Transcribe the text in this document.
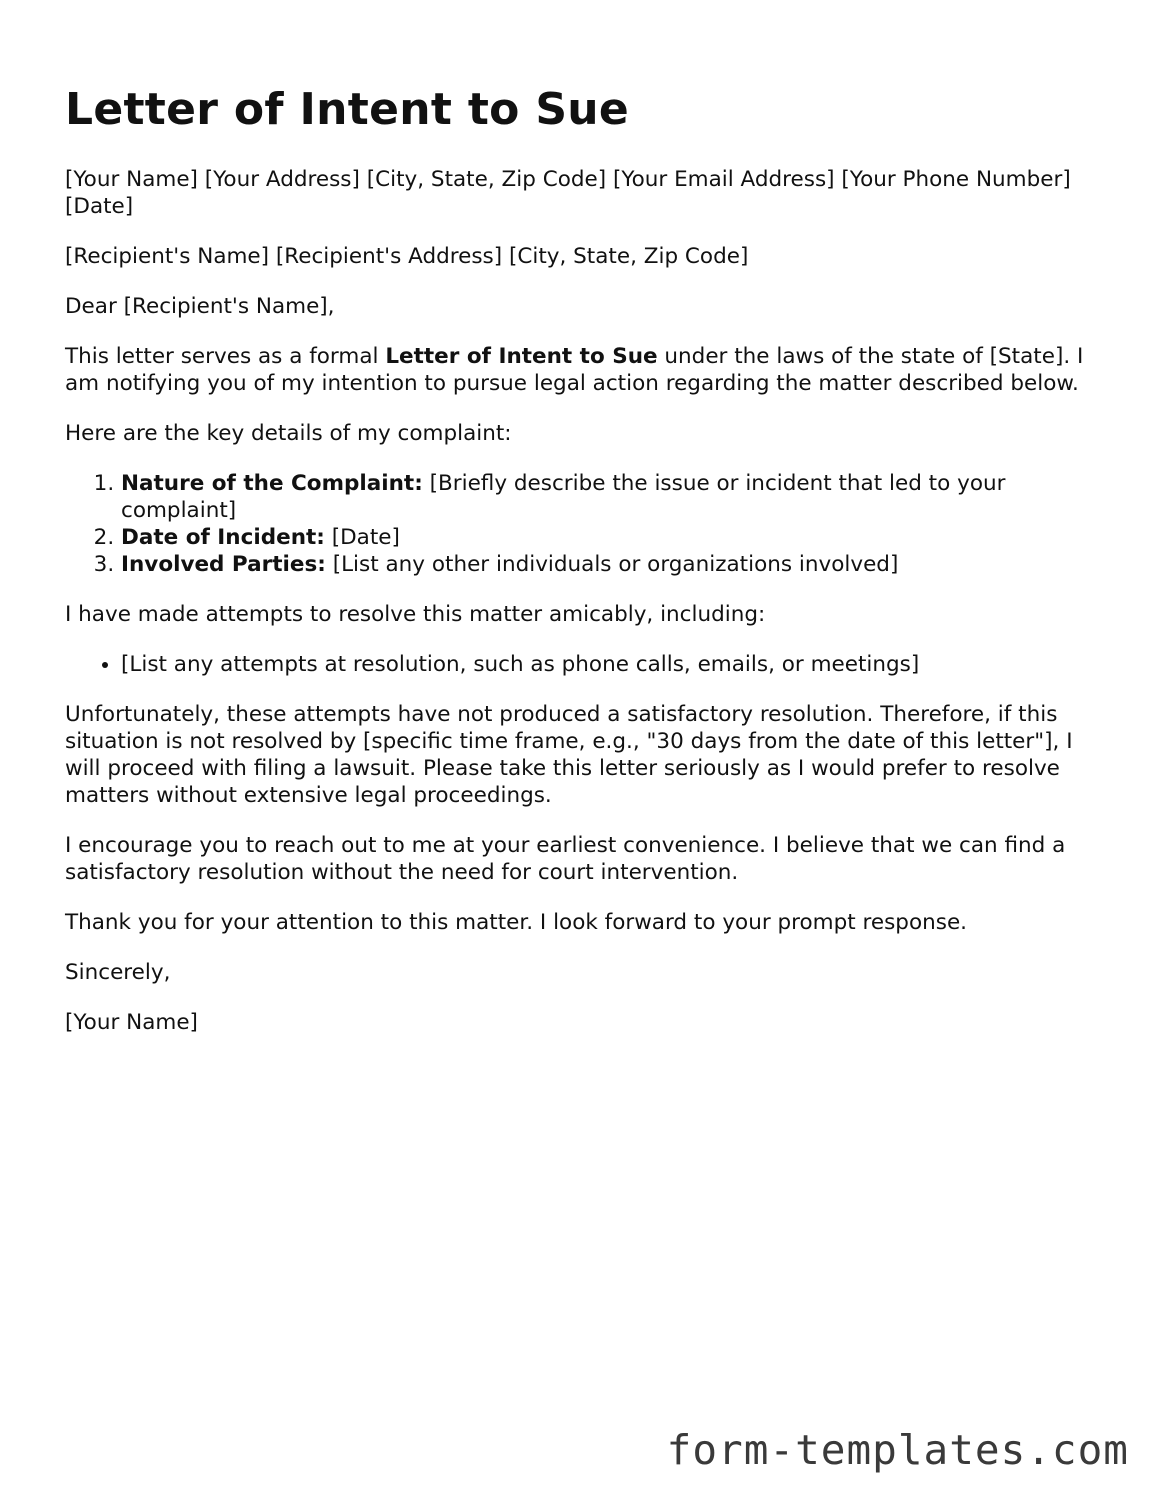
Letter of Intent to Sue

[Your Name] [Your Address] [City, State, Zip Code] [Your Email Address] [Your Phone Number] [Date]

[Recipient's Name] [Recipient's Address] [City, State, Zip Code]

Dear [Recipient's Name],

This letter serves as a formal Letter of Intent to Sue under the laws of the state of [State]. I am notifying you of my intention to pursue legal action regarding the matter described below.

Here are the key details of my complaint:

1. Nature of the Complaint: [Briefly describe the issue or incident that led to your complaint]
2. Date of Incident: [Date]
3. Involved Parties: [List any other individuals or organizations involved]

I have made attempts to resolve this matter amicably, including:

• [List any attempts at resolution, such as phone calls, emails, or meetings]

Unfortunately, these attempts have not produced a satisfactory resolution. Therefore, if this situation is not resolved by [specific time frame, e.g., "30 days from the date of this letter"], I will proceed with filing a lawsuit. Please take this letter seriously as I would prefer to resolve matters without extensive legal proceedings.

I encourage you to reach out to me at your earliest convenience. I believe that we can find a satisfactory resolution without the need for court intervention.

Thank you for your attention to this matter. I look forward to your prompt response.

Sincerely,

[Your Name]

form-templates.com
